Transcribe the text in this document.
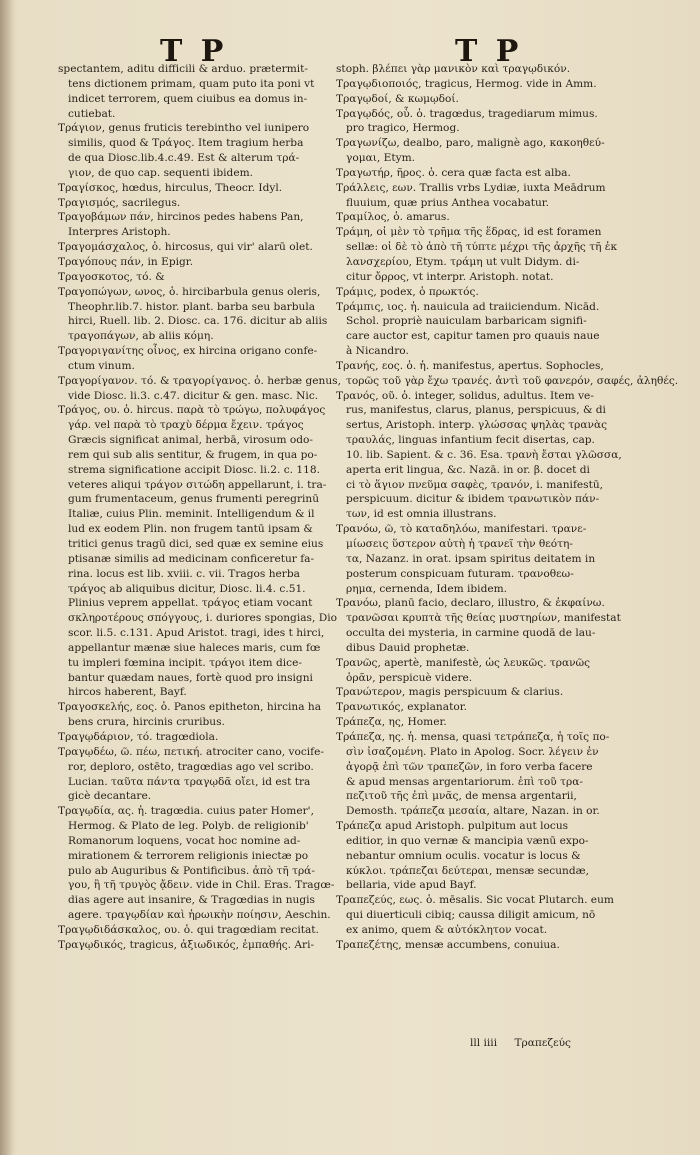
T P	T P
spectantem, aditu difficili & arduo. prætermit-
tens dictionem primam, quam puto ita poni vt
indicet terrorem, quem ciuibus ea domus in-
cutiebat.
Τράγιον, genus fruticis terebintho vel iunipero
similis, quod & Τράγος. Item tragium herba
de qua Diosc.lib.4.c.49. Est & alterum τρά-
γιον, de quo cap. sequenti ibidem.
Τραγίσκος, hœdus, hirculus, Theocr. Idyl.
Τραγισμός, sacrilegus.
Τραγοβάμων πάν, hircinos pedes habens Pan,
Interpres Aristoph.
Τραγομάσχαλος, ὁ. hircosus, qui vir' alarū olet.
Τραγόπους πάν, in Epigr.
Τραγοσκοτος, τό. &
Τραγοπώγων, ωνος, ὁ. hircibarbula genus oleris,
Theophr.lib.7. histor. plant. barba seu barbula
hirci, Ruell. lib. 2. Diosc. ca. 176. dicitur ab aliis
τραγοπάγων, ab aliis κόμη.
Τραγοριγανίτης οἶνος, ex hircina origano confe-
ctum vinum.
Τραγορίγανον. τό. & τραγορίγανος. ὁ. herbæ genus,
vide Diosc. li.3. c.47. dicitur & gen. masc. Nic.
Τράγος, ου. ὁ. hircus. παρὰ τὸ τρώγω, πολυφάγος
γάρ. vel παρὰ τὸ τραχὺ δέρμα ἔχειν. τράγος
Græcis significat animal, herbā, virosum odo-
rem qui sub alis sentitur, & frugem, in qua po-
strema significatione accipit Diosc. li.2. c. 118.
veteres aliqui τράγον σιτώδη appellarunt, i. tra-
gum frumentaceum, genus frumenti peregrinū
Italiæ, cuius Plin. meminit. Intelligendum & il
lud ex eodem Plin. non frugem tantū ipsam &
tritici genus tragū dici, sed quæ ex semine eius
ptisanæ similis ad medicinam conficeretur fa-
rina. locus est lib. xviii. c. vii. Tragos herba
τράγος ab aliquibus dicitur, Diosc. li.4. c.51.
Plinius veprem appellat. τράγος etiam vocant
σκληροτέρους σπόγγους, i. duriores spongias, Dio
scor. li.5. c.131. Apud Aristot. tragi, ides t hirci,
appellantur mænæ siue haleces maris, cum fœ
tu impleri fœmina incipit. τράγοι item dice-
bantur quædam naues, fortè quod pro insigni
hircos haberent, Bayf.
Τραγοσκελής, εος. ὁ. Panos epitheton, hircina ha
bens crura, hircinis cruribus.
Τραγῳδάριον, τό. tragœdiola.
Τραγῳδέω, ῶ. πέω, πετική. atrociter cano, vocife-
ror, deploro, ostēto, tragœdias ago vel scribo.
Lucian. ταῦτα πάντα τραγῳδᾶ οἴει, id est tra
gicè decantare.
Τραγῳδία, ας. ἡ. tragœdia. cuius pater Homer',
Hermog. & Plato de leg. Polyb. de religionib'
Romanorum loquens, vocat hoc nomine ad-
mirationem & terrorem religionis iniectæ po
pulo ab Auguribus & Pontificibus. ἀπὸ τῆ τρά-
γου, ἢ τῆ τρυγὸς ᾄδειν. vide in Chil. Eras. Tragœ-
dias agere aut insanire, & Tragœdias in nugis
agere. τραγῳδίαν καὶ ἡρωικὴν ποίησιν, Aeschin.
Τραγῳδιδάσκαλος, ου. ὁ. qui tragœdiam recitat.
Τραγῳδικός, tragicus, ἀξιωδικός, ἐμπαθής. Ari-
stoph. βλέπει γὰρ μανικὸν καὶ τραγῳδικόν.
Τραγῳδιοποιός, tragicus, Hermog. vide in Amm.
Τραγῳδοί, & κωμῳδοί.
Τραγῳδός, οὗ. ὁ. tragœdus, tragediarum mimus.
pro tragico, Hermog.
Τραγωνίζω, dealbo, paro, malignè ago, κακοηθεύ-
γομαι, Etym.
Τραγωτήρ, ῆρος. ὁ. cera quæ facta est alba.
Τράλλεις, εων. Trallis vrbs Lydiæ, iuxta Meādrum
fluuium, quæ prius Anthea vocabatur.
Τραμίλος, ὁ. amarus.
Τράμη, οἱ μὲν τὸ τρῆμα τῆς ἕδρας, id est foramen
sellæ: οἱ δὲ τὸ ἀπὸ τῆ τύπτε μέχρι τῆς ἀρχῆς τῆ ἐκ
λανσχερίου, Etym. τράμη ut vult Didym. di-
citur ὄρρος, vt interpr. Aristoph. notat.
Τράμις, podex, ὁ πρωκτός.
Τράμπις, ιος. ἡ. nauicula ad traiiciendum. Nicād.
Schol. propriè nauiculam barbaricam signifi-
care auctor est, capitur tamen pro quauis naue
à Nicandro.
Τρανής, εος. ὁ. ἡ. manifestus, apertus. Sophocles,
τορῶς τοῦ γὰρ ἔχω τρανές. ἀντὶ τοῦ φανερόν, σαφές, ἀληθές.
Τρανός, οῦ. ὁ. integer, solidus, adultus. Item ve-
rus, manifestus, clarus, planus, perspicuus, & di
sertus, Aristoph. interp. γλώσσας ψηλὰς τρανὰς
τραυλάς, linguas infantium fecit disertas, cap.
10. lib. Sapient. & c. 36. Esa. τρανὴ ἔσται γλῶσσα,
aperta erit lingua, &c. Nazā. in or. β. docet di
ci τὸ ἅγιον πνεῦμα σαφὲς, τρανόν, i. manifestū,
perspicuum. dicitur & ibidem τρανωτικὸν πάν-
των, id est omnia illustrans.
Τρανόω, ῶ, τὸ καταδηλόω, manifestari. τρανε-
μίωσεις ὕστερον αὐτὴ ἡ τρανεῖ τὴν θεότη-
τα, Nazanz. in orat. ipsam spiritus deitatem in
posterum conspicuam futuram. τρανοθεω-
ρημα, cernenda, Idem ibidem.
Τρανόω, planū facio, declaro, illustro, & ἐκφαίνω.
τρανῶσαι κρυπτὰ τῆς θείας μυστηρίων, manifestat
occulta dei mysteria, in carmine quodā de lau-
dibus Dauid prophetæ.
Τρανῶς, apertè, manifestè, ὡς λευκῶς. τρανῶς
ὁρᾶν, perspicuè videre.
Τρανώτερον, magis perspicuum & clarius.
Τρανωτικός, explanator.
Τράπεζα, ης, Homer.
Τράπεζα, ης. ἡ. mensa, quasi τετράπεζα, ἡ τοῖς πο-
σὶν ἰσαζομένη. Plato in Apolog. Socr. λέγειν ἐν
ἀγορᾷ ἐπὶ τῶν τραπεζῶν, in foro verba facere
& apud mensas argentariorum. ἐπὶ τοῦ τρα-
πεζιτοῦ τῆς ἐπὶ μνᾶς, de mensa argentarii,
Demosth. τράπεζα μεσαία, altare, Nazan. in or.
Τράπεζα apud Aristoph. pulpitum aut locus
editior, in quo vernæ & mancipia vænū expo-
nebantur omnium oculis. vocatur is locus &
κύκλοι. τράπεζαι δεύτεραι, mensæ secundæ,
bellaria, vide apud Bayf.
Τραπεζεύς, εως. ὁ. mēsalis. Sic vocat Plutarch. eum
qui diuerticuli cibiq; caussa diligit amicum, nō
ex animo, quem & αὐτόκλητον vocat.
Τραπεζέτης, mensæ accumbens, conuiua.
lll iiii Τραπεζεύς
